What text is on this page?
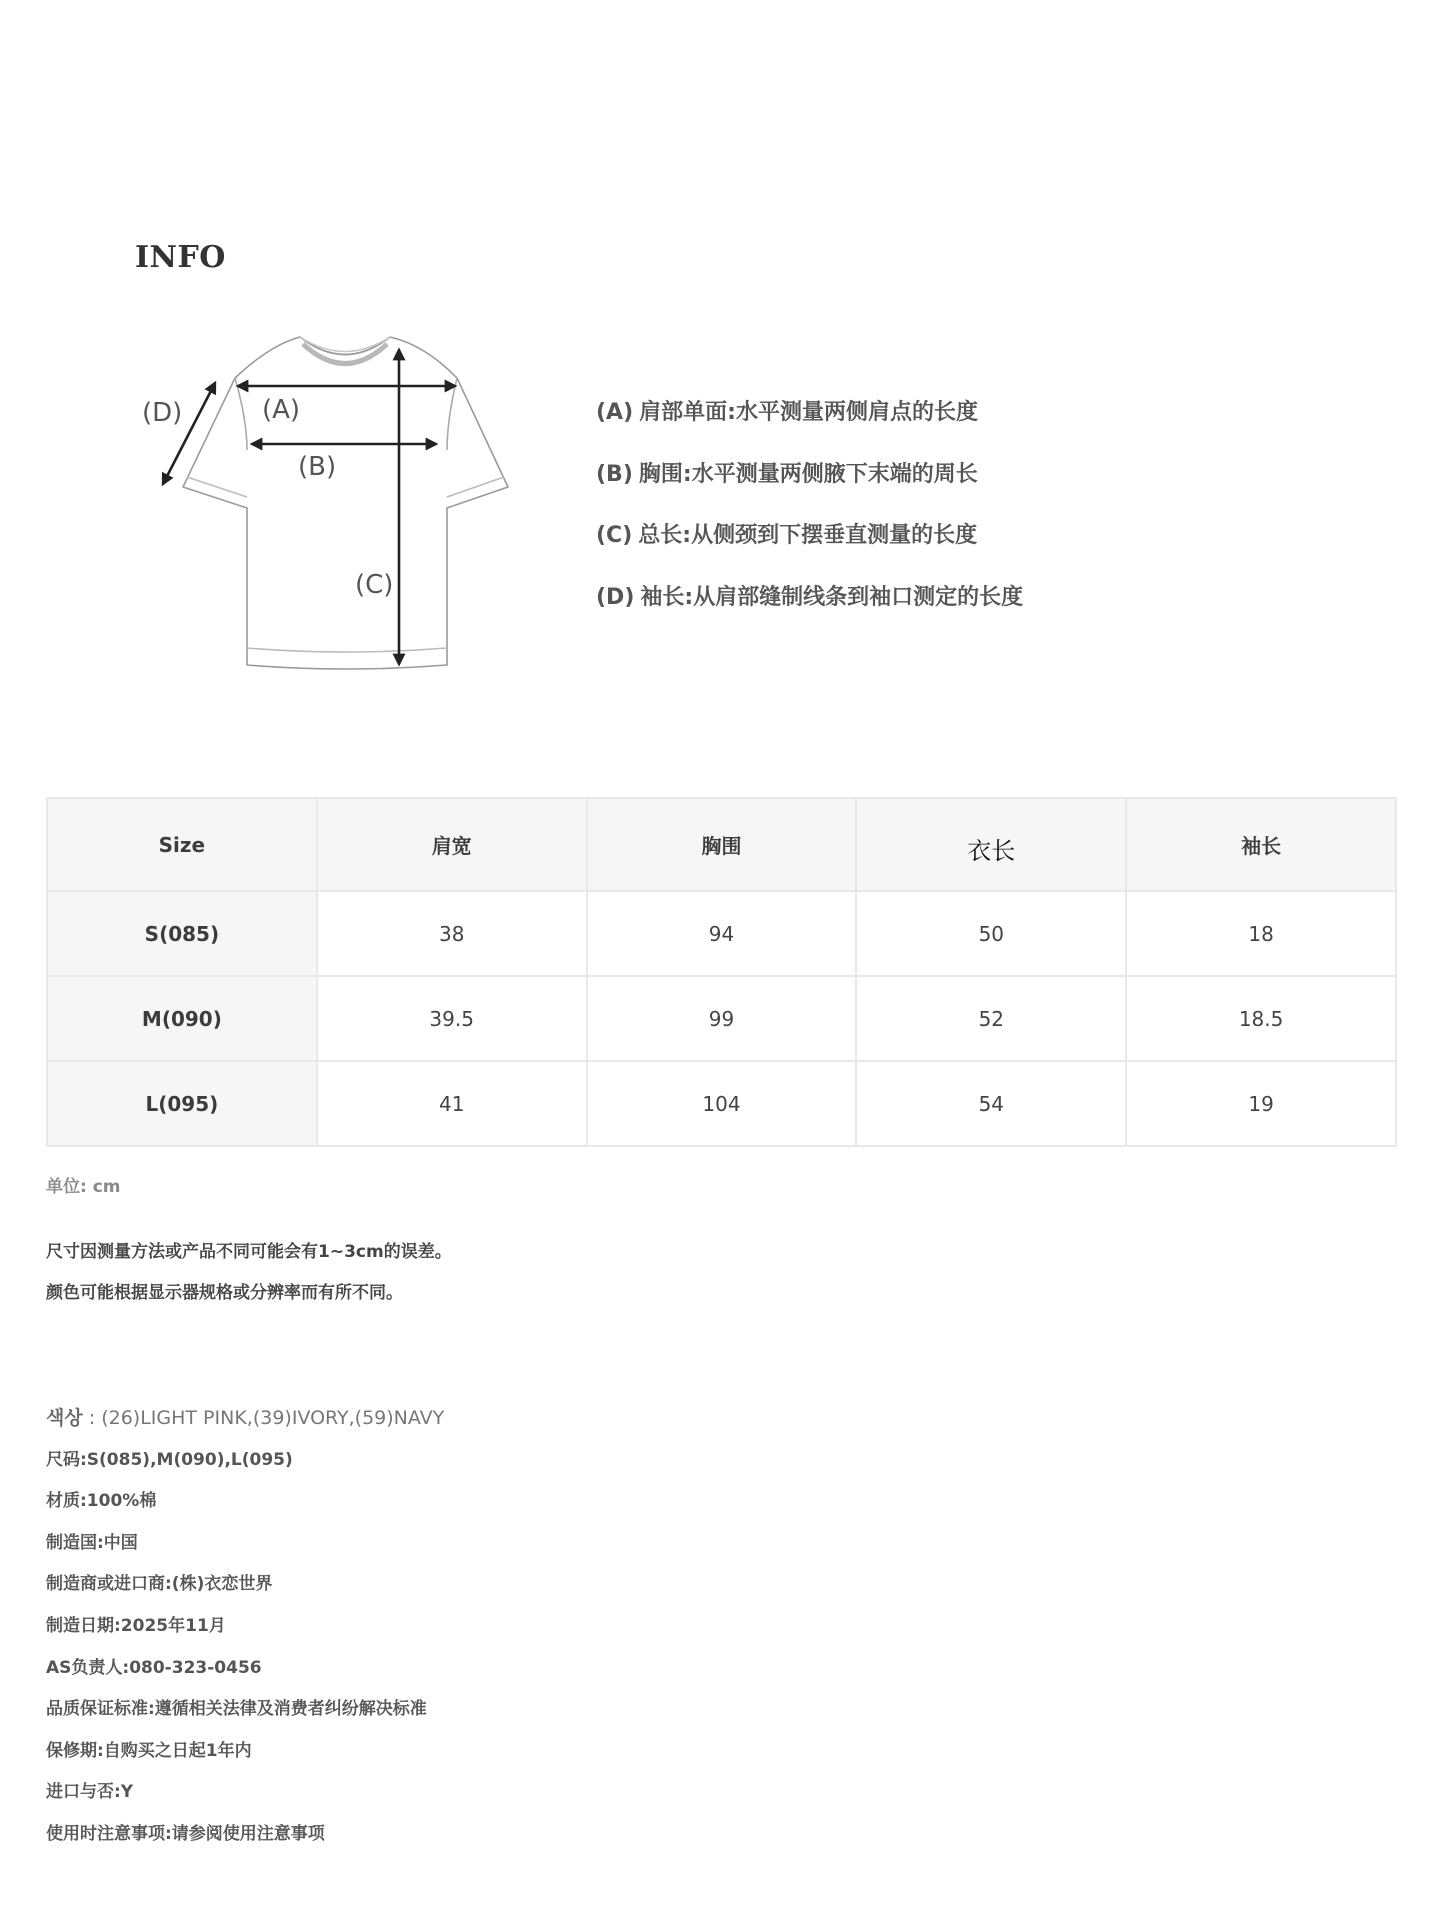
INFO
(A)
(B)
(C)
(D)	(A) 肩部单面:水平测量两侧肩点的长度
(B) 胸围:水平测量两侧腋下末端的周长
(C) 总长:从侧颈到下摆垂直测量的长度
(D) 袖长:从肩部缝制线条到袖口测定的长度
Size	肩宽	胸围	衣长	袖长
S(085)	38	94	50	18
M(090)	39.5	99	52	18.5
L(095)	41	104	54	19
单位: cm
尺寸因测量方法或产品不同可能会有1~3cm的误差。
颜色可能根据显示器规格或分辨率而有所不同。
색상 : (26)LIGHT PINK,(39)IVORY,(59)NAVY
尺码:S(085),M(090),L(095)
材质:100%棉
制造国:中国
制造商或进口商:(株)衣恋世界
制造日期:2025年11月
AS负责人:080-323-0456
品质保证标准:遵循相关法律及消费者纠纷解决标准
保修期:自购买之日起1年内
进口与否:Y
使用时注意事项:请参阅使用注意事项
